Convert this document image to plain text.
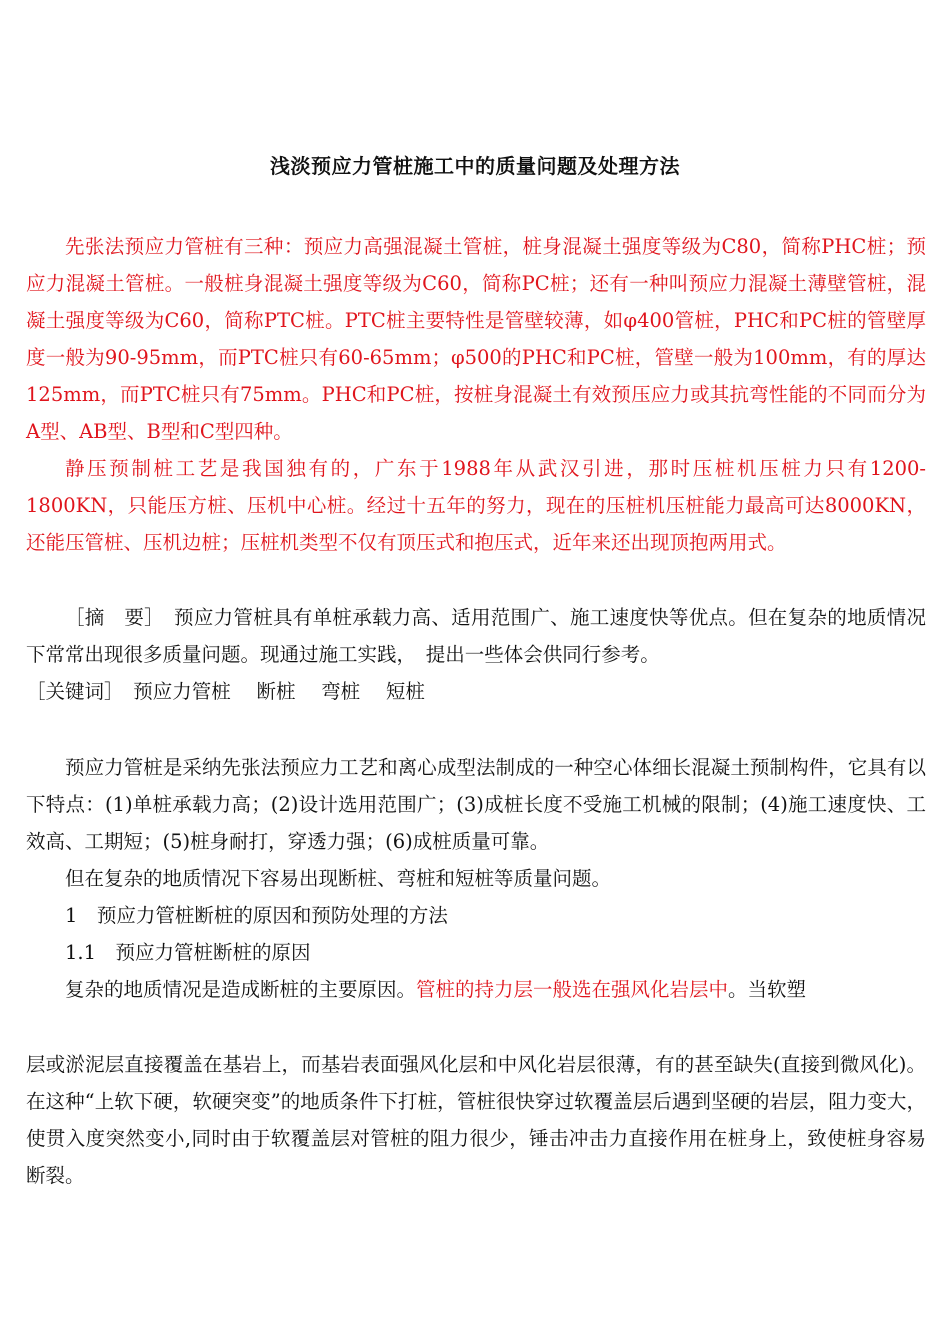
浅淡预应力管桩施工中的质量问题及处理方法

先张法预应力管桩有三种：预应力高强混凝土管桩，桩身混凝土强度等级为C80，简称PHC桩；预应力混凝土管桩。一般桩身混凝土强度等级为C60，简称PC桩；还有一种叫预应力混凝土薄壁管桩，混凝土强度等级为C60，简称PTC桩。PTC桩主要特性是管壁较薄，如φ400管桩，PHC和PC桩的管壁厚度一般为90-95mm，而PTC桩只有60-65mm；φ500的PHC和PC桩，管壁一般为100mm，有的厚达125mm，而PTC桩只有75mm。PHC和PC桩，按桩身混凝土有效预压应力或其抗弯性能的不同而分为A型、AB型、B型和C型四种。

静压预制桩工艺是我国独有的，广东于1988年从武汉引进，那时压桩机压桩力只有1200-1800KN，只能压方桩、压机中心桩。经过十五年的努力，现在的压桩机压桩能力最高可达8000KN，还能压管桩、压机边桩；压桩机类型不仅有顶压式和抱压式，近年来还出现顶抱两用式。

［摘　要］　预应力管桩具有单桩承载力高、适用范围广、施工速度快等优点。但在复杂的地质情况下常常出现很多质量问题。现通过施工实践，　提出一些体会供同行参考。

［关键词］　预应力管桩　 断桩　 弯桩　 短桩

预应力管桩是采纳先张法预应力工艺和离心成型法制成的一种空心体细长混凝土预制构件，它具有以下特点：(1)单桩承载力高；(2)设计选用范围广；(3)成桩长度不受施工机械的限制；(4)施工速度快、工效高、工期短；(5)桩身耐打，穿透力强；(6)成桩质量可靠。

但在复杂的地质情况下容易出现断桩、弯桩和短桩等质量问题。

1　预应力管桩断桩的原因和预防处理的方法

1.1　预应力管桩断桩的原因

复杂的地质情况是造成断桩的主要原因。管桩的持力层一般选在强风化岩层中。当软塑

层或淤泥层直接覆盖在基岩上，而基岩表面强风化层和中风化岩层很薄，有的甚至缺失(直接到微风化)。在这种“上软下硬，软硬突变”的地质条件下打桩，管桩很快穿过软覆盖层后遇到坚硬的岩层，阻力变大，使贯入度突然变小,同时由于软覆盖层对管桩的阻力很少，锤击冲击力直接作用在桩身上，致使桩身容易断裂。
